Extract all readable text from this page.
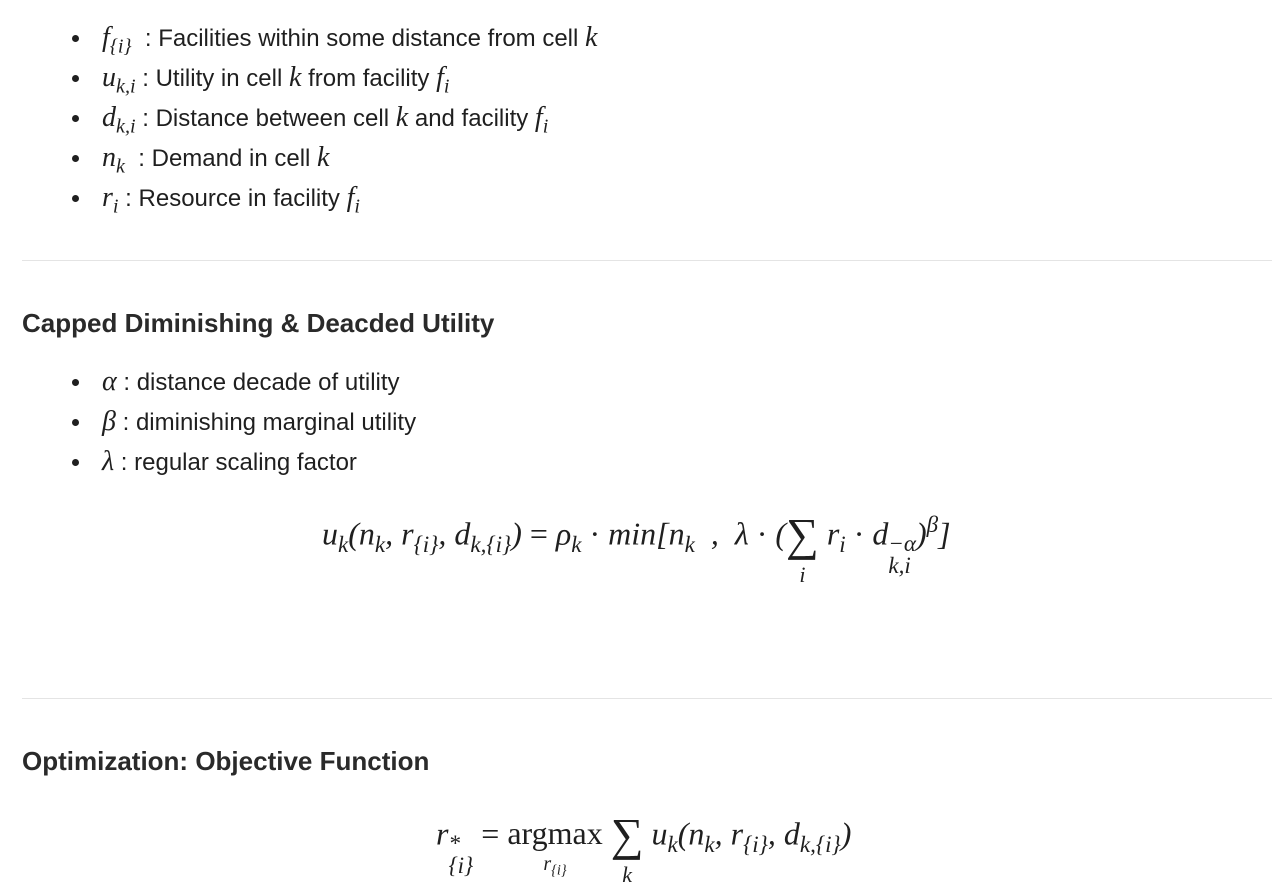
$f_{\{i\}}$  : Facilities within some distance from cell k
$u_{k,i}$ : Utility in cell k from facility $f_i$
$d_{k,i}$ : Distance between cell k and facility $f_i$
$n_k$  : Demand in cell k
$r_i$ : Resource in facility $f_i$
Capped Diminishing & Deacded Utility
α : distance decade of utility
β : diminishing marginal utility
λ : regular scaling factor
$u_k(n_k$, $r_{\{i\}}$, $d_{k,\{i\}}) = \rho_k \cdot \min[n_k$  ,  λ · (∑
i
$r_i \cdot d -\alpha$
k,i
)$^\beta$]
Optimization: Objective Function
r *
{i}
= argmax
$r_{\{i\}}$
∑
k
$u_k(n_k$, $r_{\{i\}}$, $d_{k,\{i\}}$)
